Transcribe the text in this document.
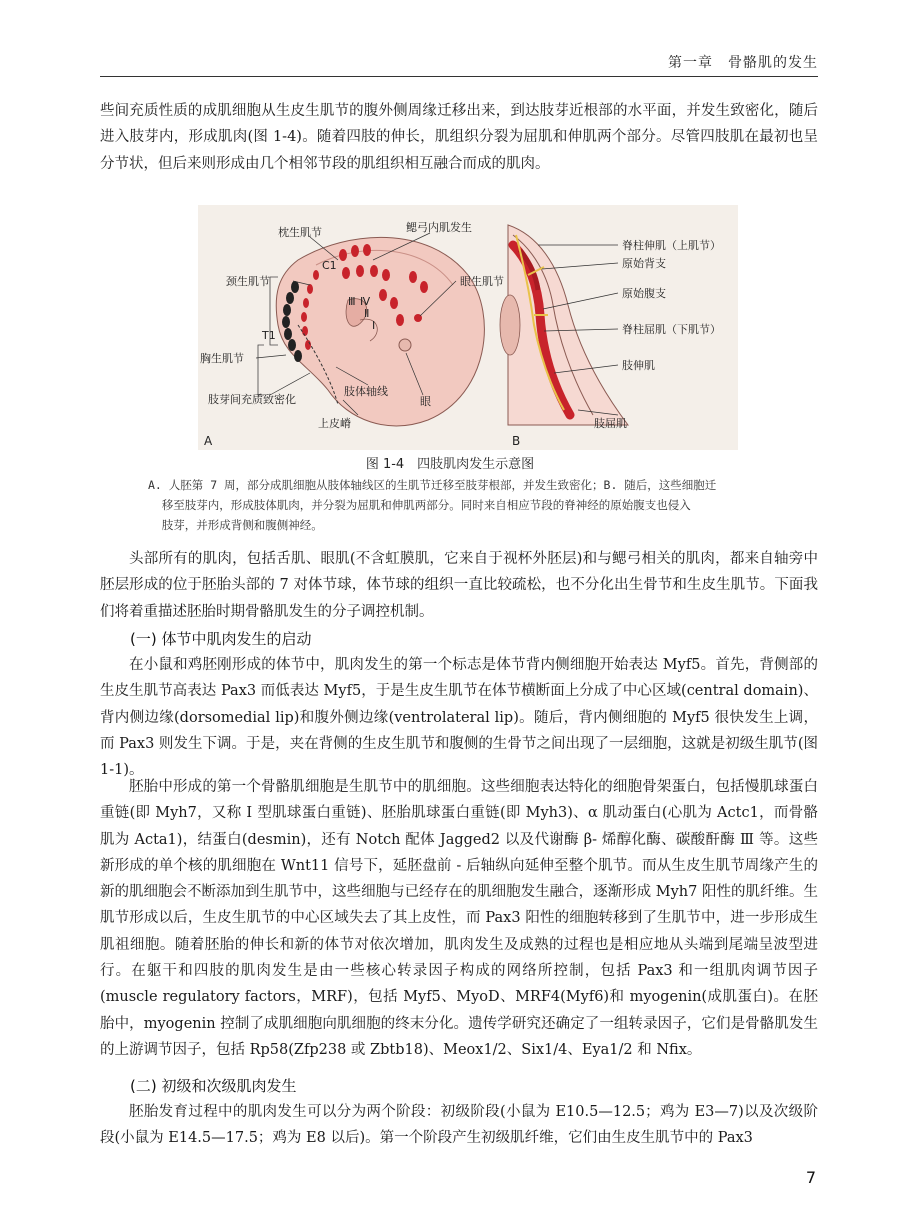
第一章　骨骼肌的发生

些间充质性质的成肌细胞从生皮生肌节的腹外侧周缘迁移出来，到达肢芽近根部的水平面，并发生致密化，随后进入肢芽内，形成肌肉(图 1-4)。随着四肢的伸长，肌组织分裂为屈肌和伸肌两个部分。尽管四肢肌在最初也呈分节状，但后来则形成由几个相邻节段的肌组织相互融合而成的肌肉。

枕生肌节	鳃弓内肌发生
颈生肌节	眼生肌节
胸生肌节
肢体轴线
肢芽间充质致密化	眼
上皮嵴
C1
T1
Ⅲ Ⅳ
Ⅱ
Ⅰ
A
脊柱伸肌（上肌节）
原始背支
原始腹支
脊柱屈肌（下肌节）
肢伸肌
肢屈肌
B
图 1-4　四肢肌肉发生示意图
A. 人胚第 7 周，部分成肌细胞从肢体轴线区的生肌节迁移至肢芽根部，并发生致密化；B. 随后，这些细胞迁
移至肢芽内，形成肢体肌肉，并分裂为屈肌和伸肌两部分。同时来自相应节段的脊神经的原始腹支也侵入
肢芽，并形成背侧和腹侧神经。

头部所有的肌肉，包括舌肌、眼肌(不含虹膜肌，它来自于视杯外胚层)和与鳃弓相关的肌肉，都来自轴旁中胚层形成的位于胚胎头部的 7 对体节球，体节球的组织一直比较疏松，也不分化出生骨节和生皮生肌节。下面我们将着重描述胚胎时期骨骼肌发生的分子调控机制。

(一) 体节中肌肉发生的启动

在小鼠和鸡胚刚形成的体节中，肌肉发生的第一个标志是体节背内侧细胞开始表达 Myf5。首先，背侧部的生皮生肌节高表达 Pax3 而低表达 Myf5，于是生皮生肌节在体节横断面上分成了中心区域(central domain)、背内侧边缘(dorsomedial lip)和腹外侧边缘(ventrolateral lip)。随后，背内侧细胞的 Myf5 很快发生上调，而 Pax3 则发生下调。于是，夹在背侧的生皮生肌节和腹侧的生骨节之间出现了一层细胞，这就是初级生肌节(图 1-1)。

胚胎中形成的第一个骨骼肌细胞是生肌节中的肌细胞。这些细胞表达特化的细胞骨架蛋白，包括慢肌球蛋白重链(即 Myh7，又称 Ⅰ 型肌球蛋白重链)、胚胎肌球蛋白重链(即 Myh3)、α 肌动蛋白(心肌为 Actc1，而骨骼肌为 Acta1)，结蛋白(desmin)，还有 Notch 配体 Jagged2 以及代谢酶 β- 烯醇化酶、碳酸酐酶 Ⅲ 等。这些新形成的单个核的肌细胞在 Wnt11 信号下，延胚盘前 - 后轴纵向延伸至整个肌节。而从生皮生肌节周缘产生的新的肌细胞会不断添加到生肌节中，这些细胞与已经存在的肌细胞发生融合，逐渐形成 Myh7 阳性的肌纤维。生肌节形成以后，生皮生肌节的中心区域失去了其上皮性，而 Pax3 阳性的细胞转移到了生肌节中，进一步形成生肌祖细胞。随着胚胎的伸长和新的体节对依次增加，肌肉发生及成熟的过程也是相应地从头端到尾端呈波型进行。在躯干和四肢的肌肉发生是由一些核心转录因子构成的网络所控制，包括 Pax3 和一组肌肉调节因子(muscle regulatory factors，MRF)，包括 Myf5、MyoD、MRF4(Myf6)和 myogenin(成肌蛋白)。在胚胎中，myogenin 控制了成肌细胞向肌细胞的终末分化。遗传学研究还确定了一组转录因子，它们是骨骼肌发生的上游调节因子，包括 Rp58(Zfp238 或 Zbtb18)、Meox1/2、Six1/4、Eya1/2 和 Nfix。

(二) 初级和次级肌肉发生

胚胎发育过程中的肌肉发生可以分为两个阶段：初级阶段(小鼠为 E10.5—12.5；鸡为 E3—7)以及次级阶段(小鼠为 E14.5—17.5；鸡为 E8 以后)。第一个阶段产生初级肌纤维，它们由生皮生肌节中的 Pax3

7
